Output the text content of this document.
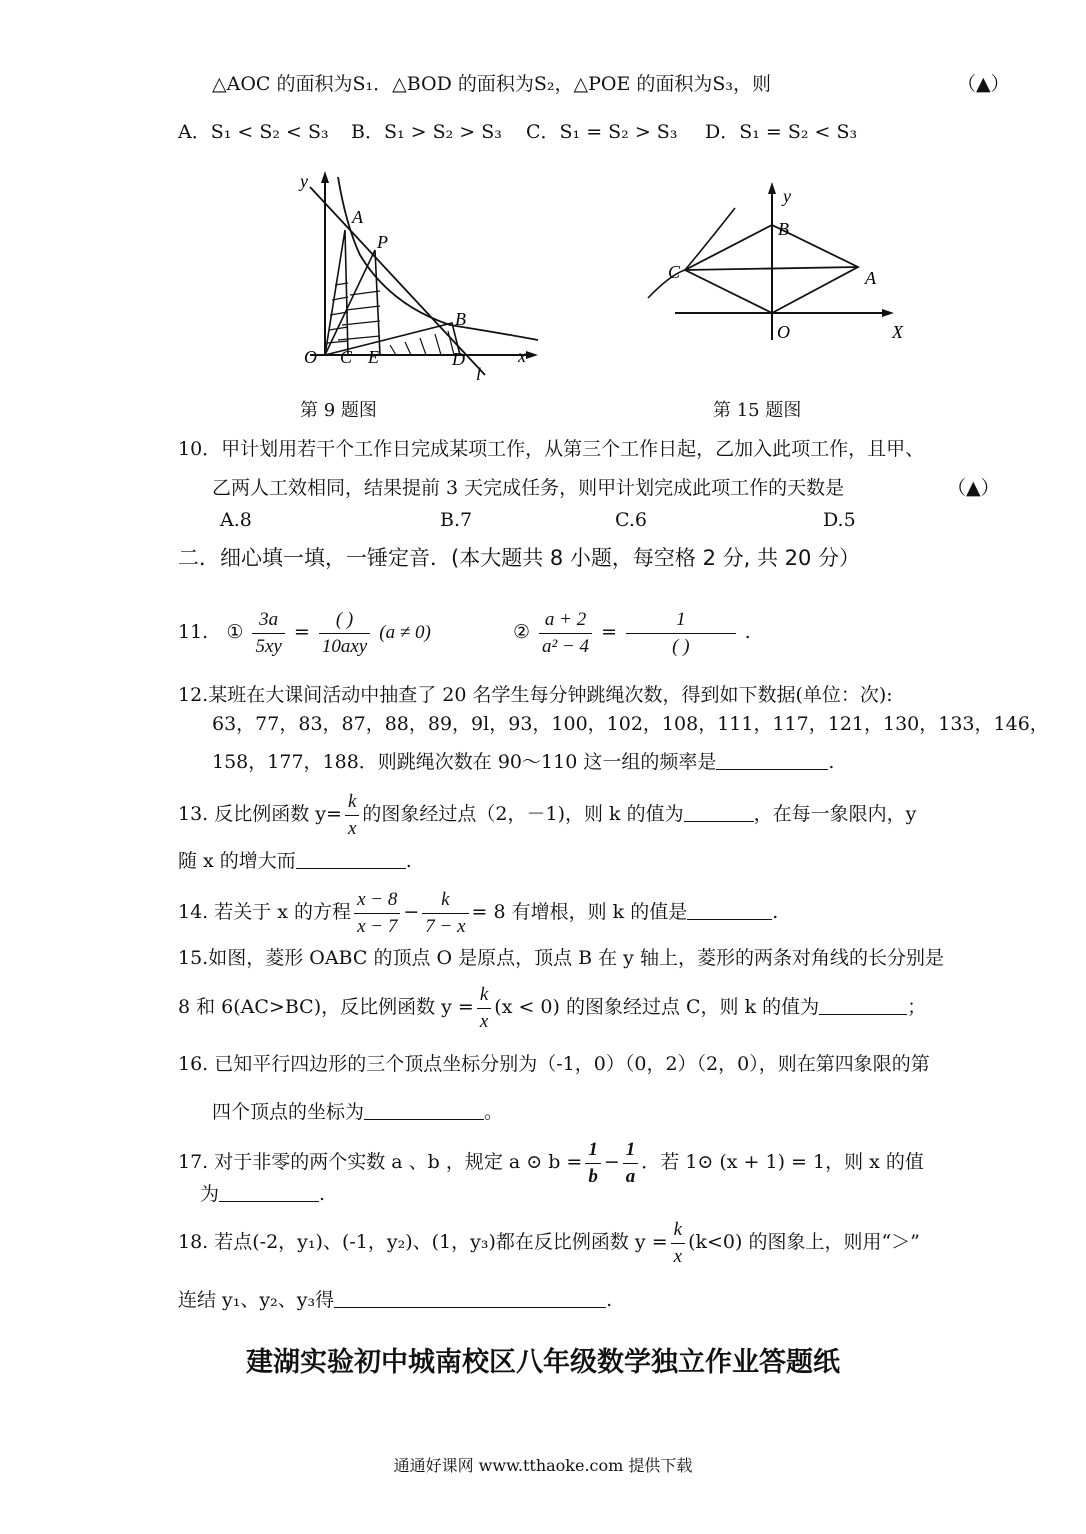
△AOC 的面积为S₁．△BOD 的面积为S₂，△POE 的面积为S₃，则	（▲）
A．S₁ < S₂ < S₃ B．S₁ > S₂ > S₃ C．S₁ = S₂ > S₃ D．S₁ = S₂ < S₃
y
A
P
B
O C E	D	x
l
第 9 题图
y
B
C	A
O	X
第 15 题图
10．甲计划用若干个工作日完成某项工作，从第三个工作日起，乙加入此项工作，且甲、
乙两人工效相同，结果提前 3 天完成任务，则甲计划完成此项工作的天数是	（▲）
A.8	B.7	C.6	D.5
二．细心填一填，一锤定音．(本大题共 8 小题，每空格 2 分, 共 20 分）
11. ① $\frac{3a}{5xy} = \frac{( )}{\text{10axy}} (a \ne 0)$	② $\frac{a + 2}{\text{a² − 4}} = \frac{1}{( )}$ .
12.某班在大课间活动中抽查了 20 名学生每分钟跳绳次数，得到如下数据(单位：次):
63，77，83，87，88，89，9l，93，100，102，108，111，117，121，130，133，146，
158，177，188．则跳绳次数在 90～110 这一组的频率是	.
13. 反比例函数 $y= \frac{k}{x}$ 的图象经过点（2，－1)，则 k 的值为	，在每一象限内，y
随 x 的增大而	.
14. 若关于 x 的方程 $\frac{x - 8}{x - 7} - \frac{k}{7 - x} = 8$ 有增根，则 k 的值是	.
15.如图，菱形 OABC 的顶点 O 是原点，顶点 B 在 y 轴上，菱形的两条对角线的长分别是
8 和 6(AC>BC)，反比例函数 $y = \frac{k}{x} (x < 0)$ 的图象经过点 C，则 k 的值为	；
16. 已知平行四边形的三个顶点坐标分别为（-1，0）（0，2）（2，0），则在第四象限的第
四个顶点的坐标为	。
17. 对于非零的两个实数 a 、b ，规定 a ⊙ $b = \frac{1}{b} - \frac{1}{a}$ ．若 1⊙ (x + 1) = 1，则 x 的值
为	.
18. 若点(-2，y₁)、(-1，y₂)、(1，y₃)都在反比例函数 $y = \frac{k}{x} (k<0)$ 的图象上，则用“＞”
连结 y₁、y₂、y₃得	.
建湖实验初中城南校区八年级数学独立作业答题纸
通通好课网 www.tthaoke.com 提供下载
